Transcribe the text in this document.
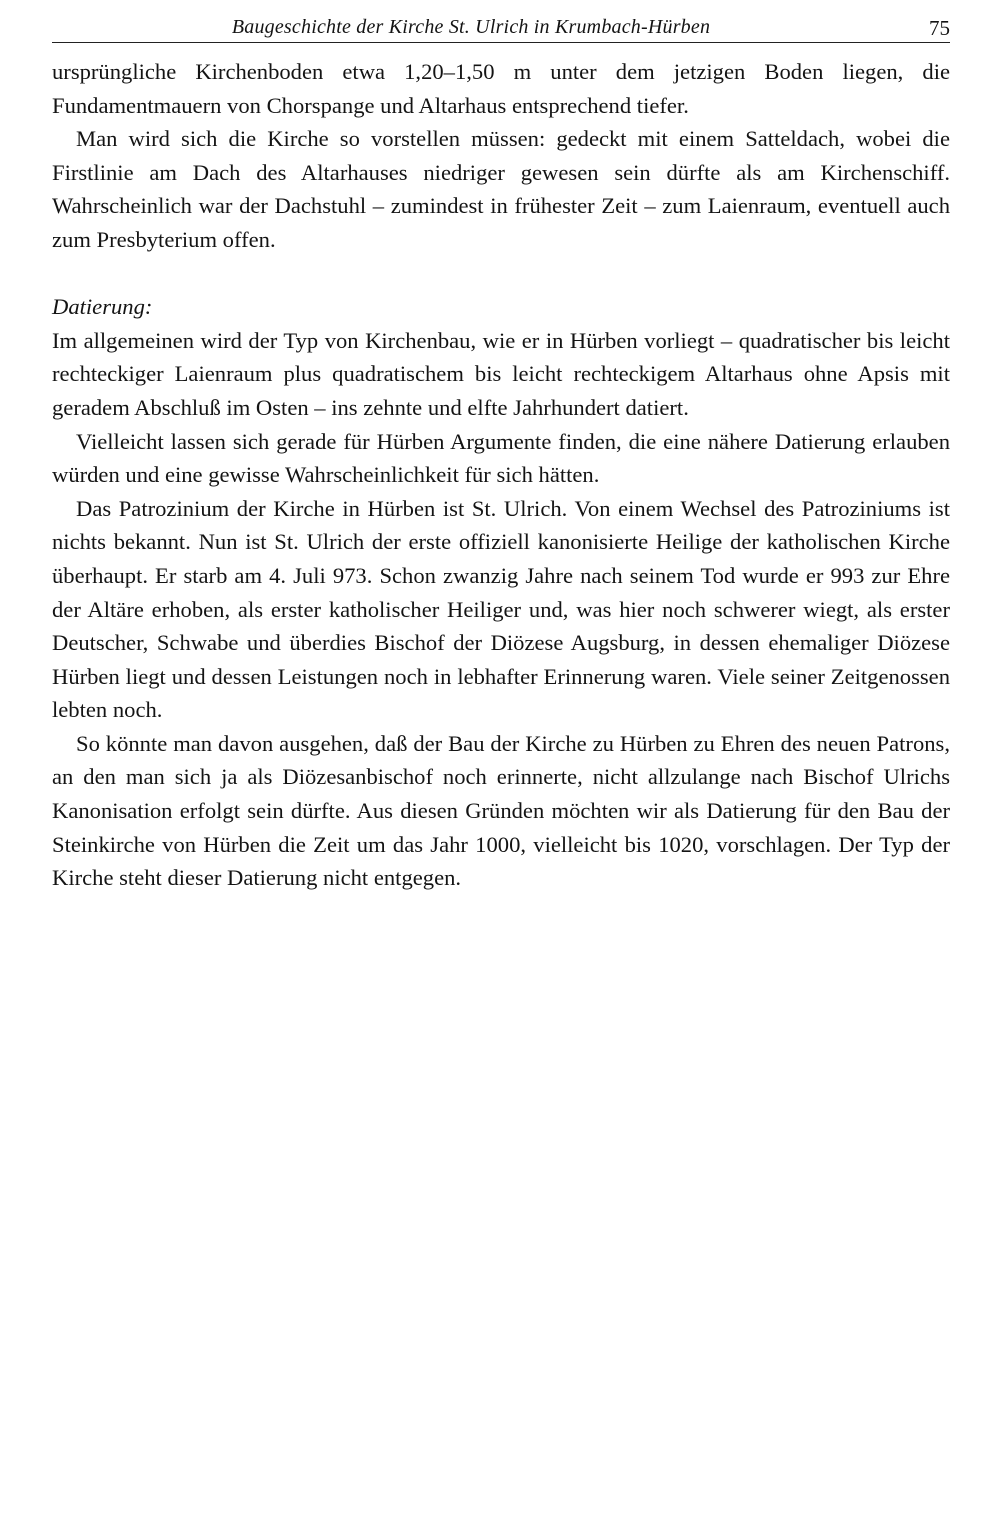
Baugeschichte der Kirche St. Ulrich in Krumbach-Hürben	75

ursprüngliche Kirchenboden etwa 1,20–1,50 m unter dem jetzigen Boden liegen, die Fundamentmauern von Chorspange und Altarhaus entsprechend tiefer.

Man wird sich die Kirche so vorstellen müssen: gedeckt mit einem Satteldach, wobei die Firstlinie am Dach des Altarhauses niedriger gewesen sein dürfte als am Kirchenschiff. Wahrscheinlich war der Dachstuhl – zumindest in frühester Zeit – zum Laienraum, eventuell auch zum Presbyterium offen.

Datierung:

Im allgemeinen wird der Typ von Kirchenbau, wie er in Hürben vorliegt – quadratischer bis leicht rechteckiger Laienraum plus quadratischem bis leicht rechteckigem Altarhaus ohne Apsis mit geradem Abschluß im Osten – ins zehnte und elfte Jahrhundert datiert.

Vielleicht lassen sich gerade für Hürben Argumente finden, die eine nähere Datierung erlauben würden und eine gewisse Wahrscheinlichkeit für sich hätten.

Das Patrozinium der Kirche in Hürben ist St. Ulrich. Von einem Wechsel des Patroziniums ist nichts bekannt. Nun ist St. Ulrich der erste offiziell kanonisierte Heilige der katholischen Kirche überhaupt. Er starb am 4. Juli 973. Schon zwanzig Jahre nach seinem Tod wurde er 993 zur Ehre der Altäre erhoben, als erster katholischer Heiliger und, was hier noch schwerer wiegt, als erster Deutscher, Schwabe und überdies Bischof der Diözese Augsburg, in dessen ehemaliger Diözese Hürben liegt und dessen Leistungen noch in lebhafter Erinnerung waren. Viele seiner Zeitgenossen lebten noch.

So könnte man davon ausgehen, daß der Bau der Kirche zu Hürben zu Ehren des neuen Patrons, an den man sich ja als Diözesanbischof noch erinnerte, nicht allzulange nach Bischof Ulrichs Kanonisation erfolgt sein dürfte. Aus diesen Gründen möchten wir als Datierung für den Bau der Steinkirche von Hürben die Zeit um das Jahr 1000, vielleicht bis 1020, vorschlagen. Der Typ der Kirche steht dieser Datierung nicht entgegen.
